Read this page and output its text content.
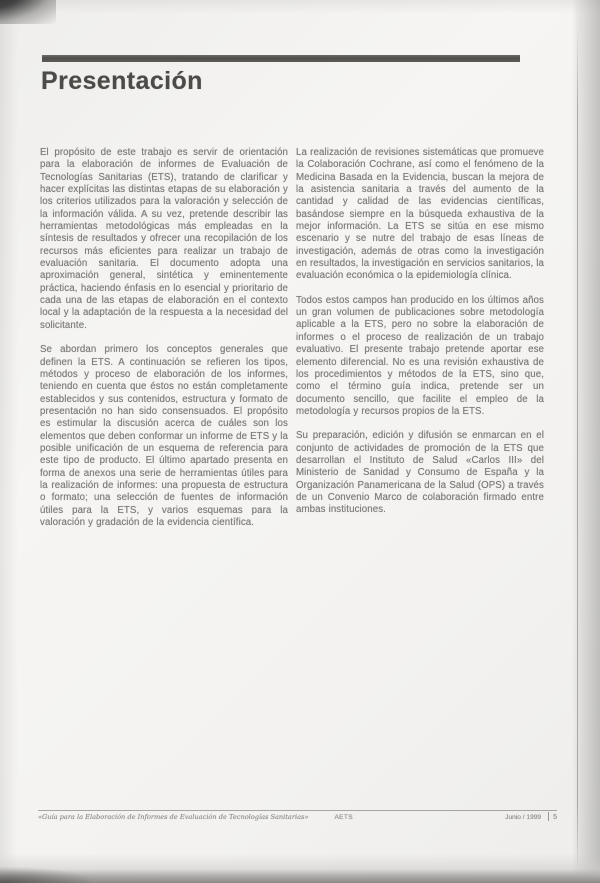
Presentación

El propósito de este trabajo es servir de orientación para la elaboración de informes de Evaluación de Tecnologías Sanitarias (ETS), tratando de clarificar y hacer explícitas las distintas etapas de su elaboración y los criterios utilizados para la valoración y selección de la información válida. A su vez, pretende describir las herramientas metodológicas más empleadas en la síntesis de resultados y ofrecer una recopilación de los recursos más eficientes para realizar un trabajo de evaluación sanitaria. El documento adopta una aproximación general, sintética y eminentemente práctica, haciendo énfasis en lo esencial y prioritario de cada una de las etapas de elaboración en el contexto local y la adaptación de la respuesta a la necesidad del solicitante.

Se abordan primero los conceptos generales que definen la ETS. A continuación se refieren los tipos, métodos y proceso de elaboración de los informes, teniendo en cuenta que éstos no están completamente establecidos y sus contenidos, estructura y formato de presentación no han sido consensuados. El propósito es estimular la discusión acerca de cuáles son los elementos que deben conformar un informe de ETS y la posible unificación de un esquema de referencia para este tipo de producto. El último apartado presenta en forma de anexos una serie de herramientas útiles para la realización de informes: una propuesta de estructura o formato; una selección de fuentes de información útiles para la ETS, y varios esquemas para la valoración y gradación de la evidencia científica.

La realización de revisiones sistemáticas que promueve la Colaboración Cochrane, así como el fenómeno de la Medicina Basada en la Evidencia, buscan la mejora de la asistencia sanitaria a través del aumento de la cantidad y calidad de las evidencias científicas, basándose siempre en la búsqueda exhaustiva de la mejor información. La ETS se sitúa en ese mismo escenario y se nutre del trabajo de esas líneas de investigación, además de otras como la investigación en resultados, la investigación en servicios sanitarios, la evaluación económica o la epidemiología clínica.

Todos estos campos han producido en los últimos años un gran volumen de publicaciones sobre metodología aplicable a la ETS, pero no sobre la elaboración de informes o el proceso de realización de un trabajo evaluativo. El presente trabajo pretende aportar ese elemento diferencial. No es una revisión exhaustiva de los procedimientos y métodos de la ETS, sino que, como el término guía indica, pretende ser un documento sencillo, que facilite el empleo de la metodología y recursos propios de la ETS.

Su preparación, edición y difusión se enmarcan en el conjunto de actividades de promoción de la ETS que desarrollan el Instituto de Salud «Carlos III» del Ministerio de Sanidad y Consumo de España y la Organización Panamericana de la Salud (OPS) a través de un Convenio Marco de colaboración firmado entre ambas instituciones.

«Guía para la Elaboración de Informes de Evaluación de Tecnologías Sanitarias»	AETS	Junio / 1999 5
